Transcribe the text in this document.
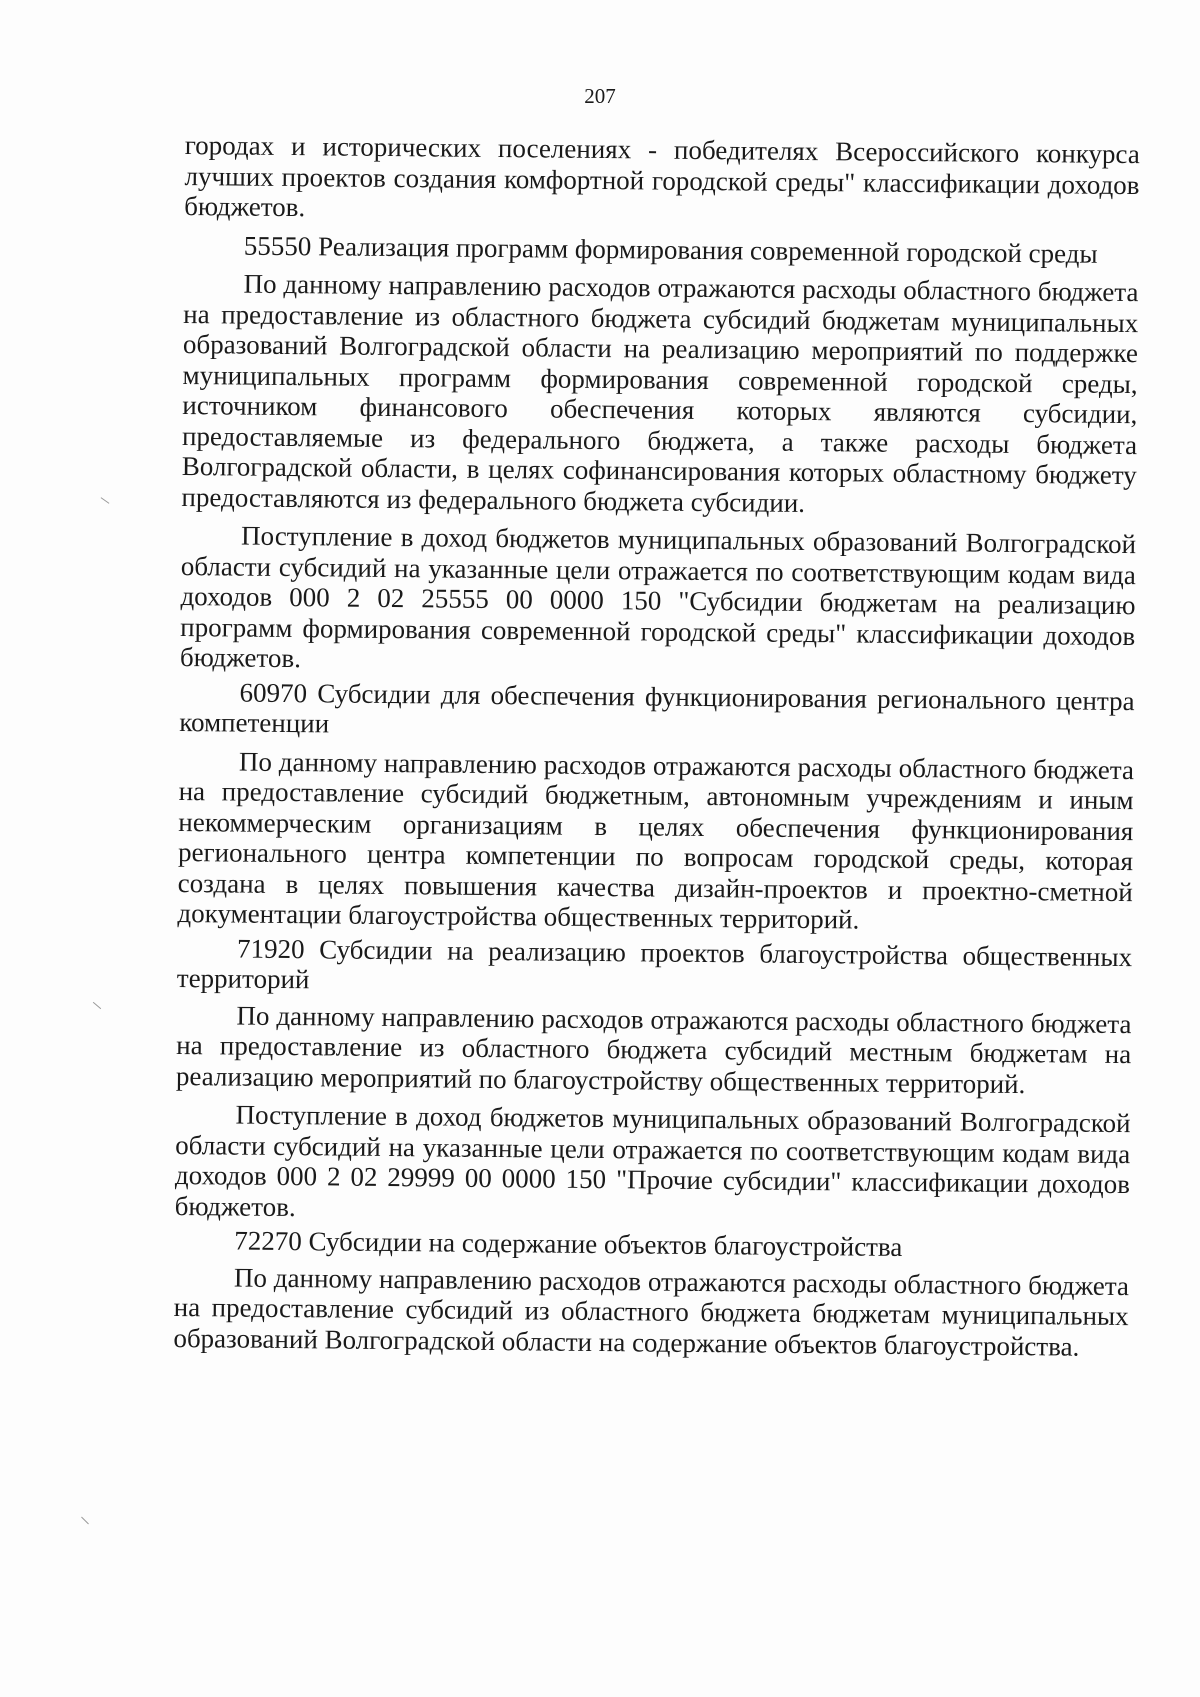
207

городах и исторических поселениях - победителях Всероссийского конкурса лучших проектов создания комфортной городской среды" классификации доходов бюджетов.

55550 Реализация программ формирования современной городской среды

По данному направлению расходов отражаются расходы областного бюджета на предоставление из областного бюджета субсидий бюджетам муниципальных образований Волгоградской области на реализацию мероприятий по поддержке муниципальных программ формирования современной городской среды, источником финансового обеспечения которых являются субсидии, предоставляемые из федерального бюджета, а также расходы бюджета Волгоградской области, в целях софинансирования которых областному бюджету предоставляются из федерального бюджета субсидии.

Поступление в доход бюджетов муниципальных образований Волгоградской области субсидий на указанные цели отражается по соответствующим кодам вида доходов 000 2 02 25555 00 0000 150 "Субсидии бюджетам на реализацию программ формирования современной городской среды" классификации доходов бюджетов.

60970 Субсидии для обеспечения функционирования регионального центра компетенции

По данному направлению расходов отражаются расходы областного бюджета на предоставление субсидий бюджетным, автономным учреждениям и иным некоммерческим организациям в целях обеспечения функционирования регионального центра компетенции по вопросам городской среды, которая создана в целях повышения качества дизайн-проектов и проектно-сметной документации благоустройства общественных территорий.

71920 Субсидии на реализацию проектов благоустройства общественных территорий

По данному направлению расходов отражаются расходы областного бюджета на предоставление из областного бюджета субсидий местным бюджетам на реализацию мероприятий по благоустройству общественных территорий.

Поступление в доход бюджетов муниципальных образований Волгоградской области субсидий на указанные цели отражается по соответствующим кодам вида доходов 000 2 02 29999 00 0000 150 "Прочие субсидии" классификации доходов бюджетов.

72270 Субсидии на содержание объектов благоустройства

По данному направлению расходов отражаются расходы областного бюджета на предоставление субсидий из областного бюджета бюджетам муниципальных образований Волгоградской области на содержание объектов благоустройства.
